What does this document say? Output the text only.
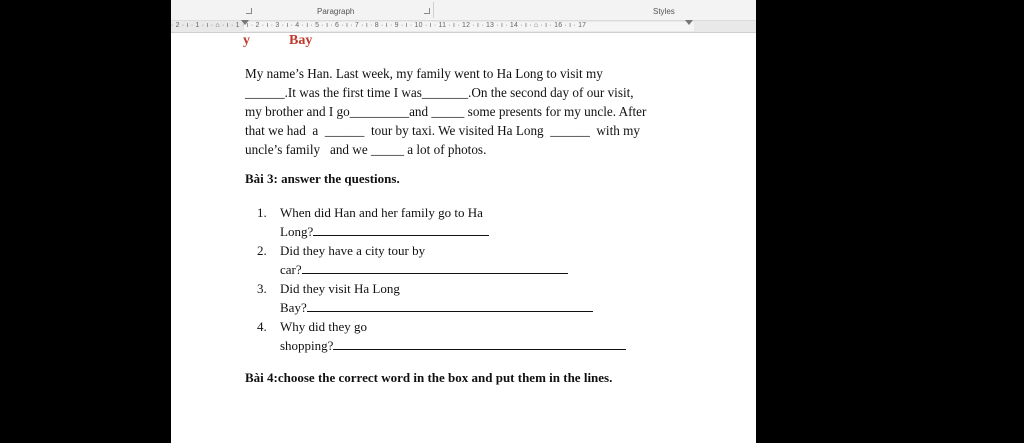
Paragraph	Styles
· 2 · ı · 1 · ı · ⌂ · ı · 1 · ı · 2 · ı · 3 · ı · 4 · ı · 5 · ı · 6 · ı · 7 · ı · 8 · ı · 9 · ı · 10 · ı · 11 · ı · 12 · ı · 13 · ı · 14 · ı · ⌂ · ı · 16 · ı · 17
y	Bay
My name’s Han. Last week, my family went to Ha Long to visit my
______.It was the first time I was_______.On the second day of our visit,
my brother and I go_________and _____ some presents for my uncle. After
that we had  a  ______  tour by taxi. We visited Ha Long  ______  with my
uncle’s family   and we _____ a lot of photos.
Bài 3: answer the questions.
1.	When did Han and her family go to Ha
Long?
2.	Did they have a city tour by
car?
3.	Did they visit Ha Long
Bay?
4.	Why did they go
shopping?
Bài 4:choose the correct word in the box and put them in the lines.
